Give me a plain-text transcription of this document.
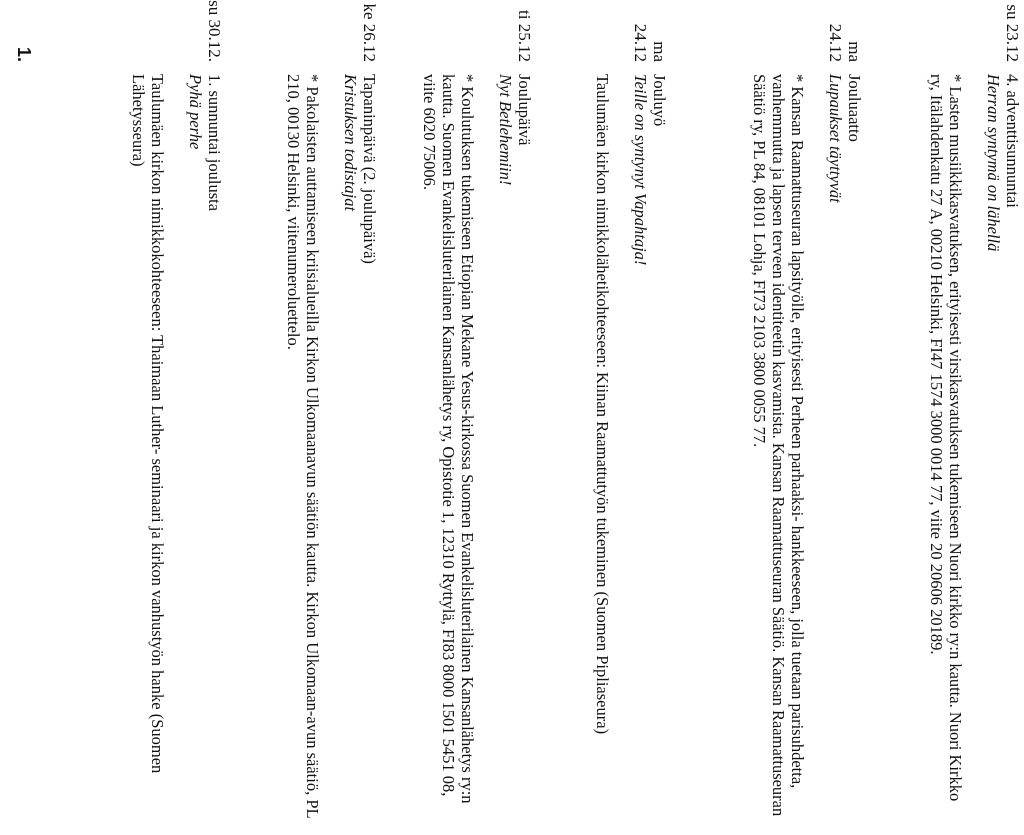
su 23.12
4. adventtisunnuntai
Herran syntymä on lähellä
* Lasten musiikkikasvatuksen, erityisesti virsikasvatuksen tukemiseen Nuori kirkko ry:n kautta. Nuori Kirkko ry, Itälahdenkatu 27 A, 00210 Helsinki, FI47 1574 3000 0014 77, viite 20 20606 20189.
ma 24.12
Jouluaatto
Lupaukset täyttyvät
* Kansan Raamattuseuran lapsityölle, erityisesti Perheen parhaaksi- hankkeeseen, jolla tuetaan parisuhdetta, vanhemmutta ja lapsen terveen identiteetin kasvamista. Kansan Raamattuseuran Säätiö. Kansan Raamattuseuran Säätiö ry, PL 84, 08101 Lohja, FI73 2103 3800 0055 77.
ma 24.12
Jouluyö
Teille on syntynyt Vapahtaja!
Taulumäen kirkon nimikkolähetikohteeseen: Kiinan Raamattutyön tukeminen (Suomen Pipliaseura)
ti 25.12
Joulupäivä
Nyt Betlehemiin!
* Koulutuksen tukemiseen Etiopian Mekane Yesus-kirkossa Suomen Evankelisluterilainen Kansanlähetys ry:n kautta. Suomen Evankelisluterilainen Kansanlähetys ry, Opistotie 1, 12310 Ryttylä, FI83 8000 1501 5451 08, viite 6020 75006.
ke 26.12
Tapaninpäivä (2. joulupäivä)
Kristuksen todistajat
* Pakolaisten auttamiseen kriisialueilla Kirkon Ulkomaanavun säätiön kautta. Kirkon Ulkomaan-avun säätiö, PL 210, 00130 Helsinki, viitenumeroluettelo.
su 30.12.
1. sunnuntai joulusta
Pyhä perhe
Taulumäen kirkon nimikkokohteeseen: Thaimaan Luther- seminaari ja kirkon vanhustyön hanke (Suomen Lähetysseura)
1.
